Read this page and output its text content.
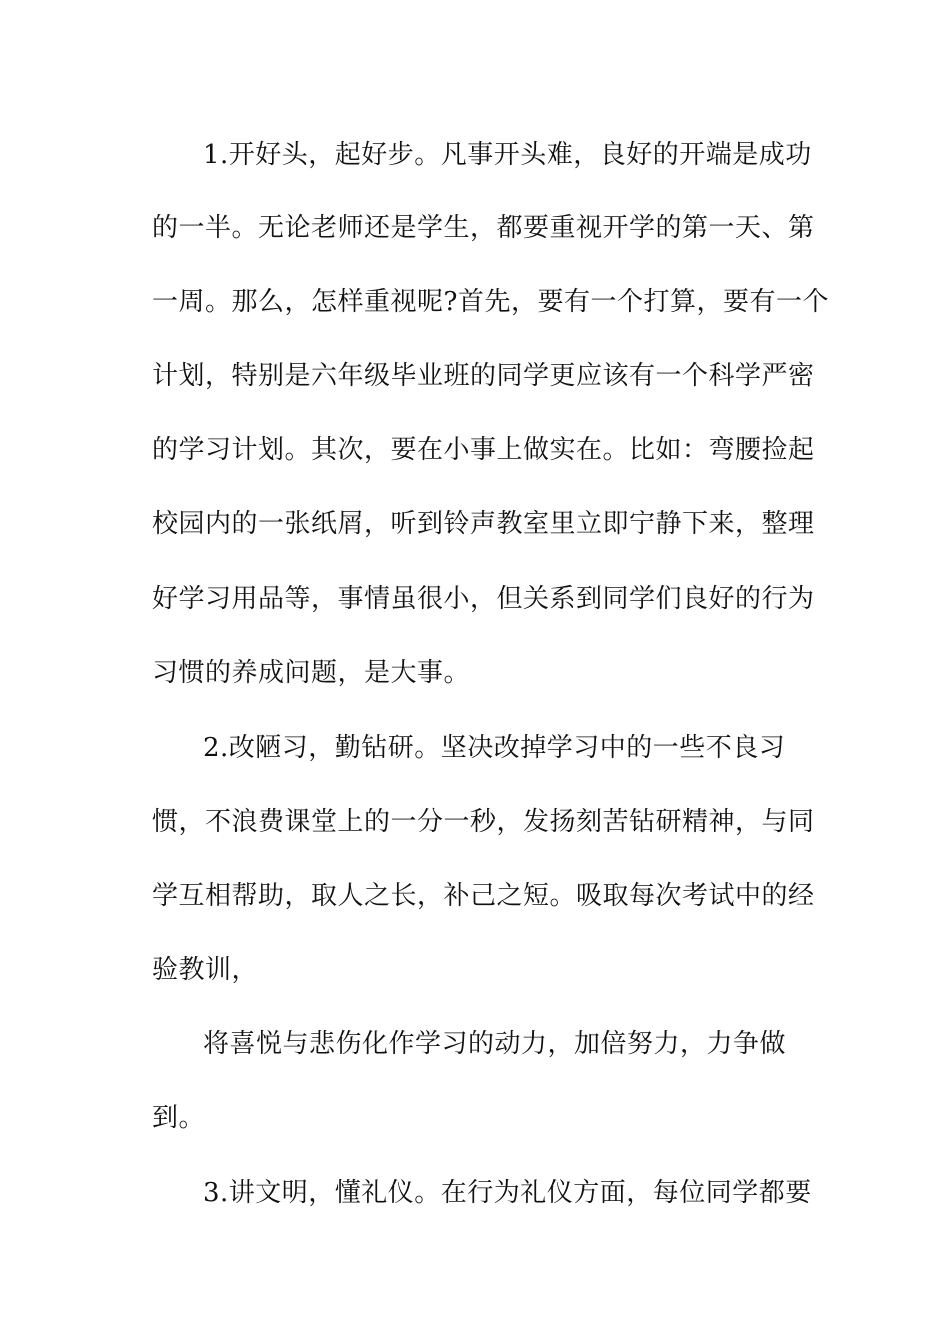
1.开好头，起好步。凡事开头难，良好的开端是成功

的一半。无论老师还是学生，都要重视开学的第一天、第

一周。那么，怎样重视呢?首先，要有一个打算，要有一个

计划，特别是六年级毕业班的同学更应该有一个科学严密

的学习计划。其次，要在小事上做实在。比如：弯腰捡起

校园内的一张纸屑，听到铃声教室里立即宁静下来，整理

好学习用品等，事情虽很小，但关系到同学们良好的行为

习惯的养成问题，是大事。

2.改陋习，勤钻研。坚决改掉学习中的一些不良习

惯，不浪费课堂上的一分一秒，发扬刻苦钻研精神，与同

学互相帮助，取人之长，补己之短。吸取每次考试中的经

验教训，

将喜悦与悲伤化作学习的动力，加倍努力，力争做

到。

3.讲文明，懂礼仪。在行为礼仪方面，每位同学都要
